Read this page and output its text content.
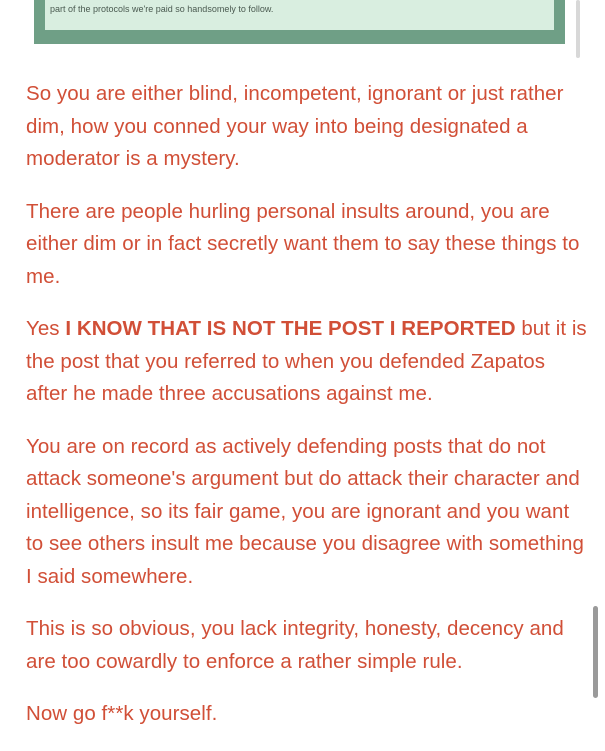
part of the protocols we're paid so handsomely to follow.

So you are either blind, incompetent, ignorant or just rather dim, how you conned your way into being designated a moderator is a mystery.

There are people hurling personal insults around, you are either dim or in fact secretly want them to say these things to me.

Yes I KNOW THAT IS NOT THE POST I REPORTED but it is the post that you referred to when you defended Zapatos after he made three accusations against me.

You are on record as actively defending posts that do not attack someone's argument but do attack their character and intelligence, so its fair game, you are ignorant and you want to see others insult me because you disagree with something I said somewhere.

This is so obvious, you lack integrity, honesty, decency and are too cowardly to enforce a rather simple rule.

Now go f**k yourself.
